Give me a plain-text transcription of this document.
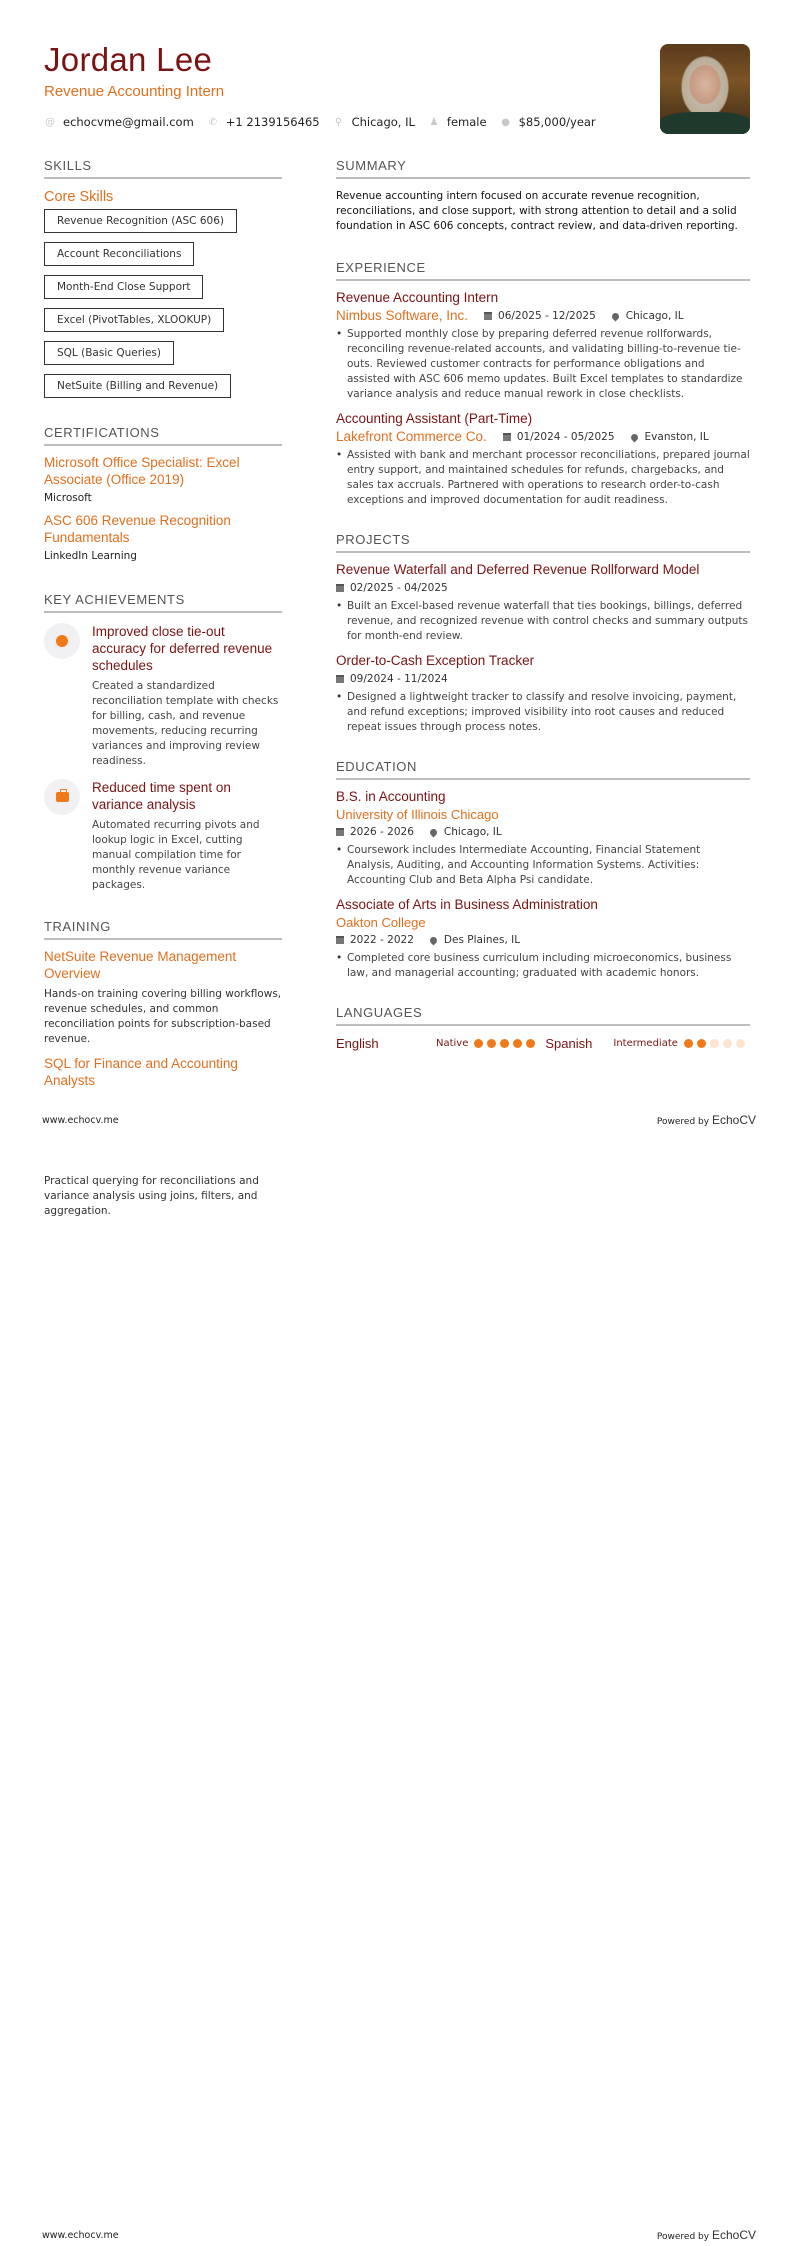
Jordan Lee
Revenue Accounting Intern
@ echocvme@gmail.com ✆ +1 2139156465 ⚲ Chicago, IL ♟ female ● $85,000/year
SKILLS
Core Skills
Revenue Recognition (ASC 606)
Account Reconciliations
Month-End Close Support
Excel (PivotTables, XLOOKUP)
SQL (Basic Queries)
NetSuite (Billing and Revenue)
CERTIFICATIONS
Microsoft Office Specialist: Excel Associate (Office 2019)
Microsoft
ASC 606 Revenue Recognition Fundamentals
LinkedIn Learning
KEY ACHIEVEMENTS
Improved close tie-out accuracy for deferred revenue schedules
Created a standardized reconciliation template with checks for billing, cash, and revenue movements, reducing recurring variances and improving review readiness.
Reduced time spent on variance analysis
Automated recurring pivots and lookup logic in Excel, cutting manual compilation time for monthly revenue variance packages.
TRAINING
NetSuite Revenue Management Overview
Hands-on training covering billing workflows, revenue schedules, and common reconciliation points for subscription-based revenue.
SQL for Finance and Accounting Analysts
SUMMARY
Revenue accounting intern focused on accurate revenue recognition, reconciliations, and close support, with strong attention to detail and a solid foundation in ASC 606 concepts, contract review, and data-driven reporting.
EXPERIENCE
Revenue Accounting Intern
Nimbus Software, Inc.	06/2025 - 12/2025	Chicago, IL
• Supported monthly close by preparing deferred revenue rollforwards, reconciling revenue-related accounts, and validating billing-to-revenue tie-outs. Reviewed customer contracts for performance obligations and assisted with ASC 606 memo updates. Built Excel templates to standardize variance analysis and reduce manual rework in close checklists.
Accounting Assistant (Part-Time)
Lakefront Commerce Co.	01/2024 - 05/2025	Evanston, IL
• Assisted with bank and merchant processor reconciliations, prepared journal entry support, and maintained schedules for refunds, chargebacks, and sales tax accruals. Partnered with operations to research order-to-cash exceptions and improved documentation for audit readiness.
PROJECTS
Revenue Waterfall and Deferred Revenue Rollforward Model
02/2025 - 04/2025
• Built an Excel-based revenue waterfall that ties bookings, billings, deferred revenue, and recognized revenue with control checks and summary outputs for month-end review.
Order-to-Cash Exception Tracker
09/2024 - 11/2024
• Designed a lightweight tracker to classify and resolve invoicing, payment, and refund exceptions; improved visibility into root causes and reduced repeat issues through process notes.
EDUCATION
B.S. in Accounting
University of Illinois Chicago
2026 - 2026	Chicago, IL
• Coursework includes Intermediate Accounting, Financial Statement Analysis, Auditing, and Accounting Information Systems. Activities: Accounting Club and Beta Alpha Psi candidate.
Associate of Arts in Business Administration
Oakton College
2022 - 2022	Des Plaines, IL
• Completed core business curriculum including microeconomics, business law, and managerial accounting; graduated with academic honors.
LANGUAGES
English	Native	Spanish	Intermediate
www.echocv.me	Powered by EchoCV
Practical querying for reconciliations and variance analysis using joins, filters, and aggregation.
www.echocv.me	Powered by EchoCV
